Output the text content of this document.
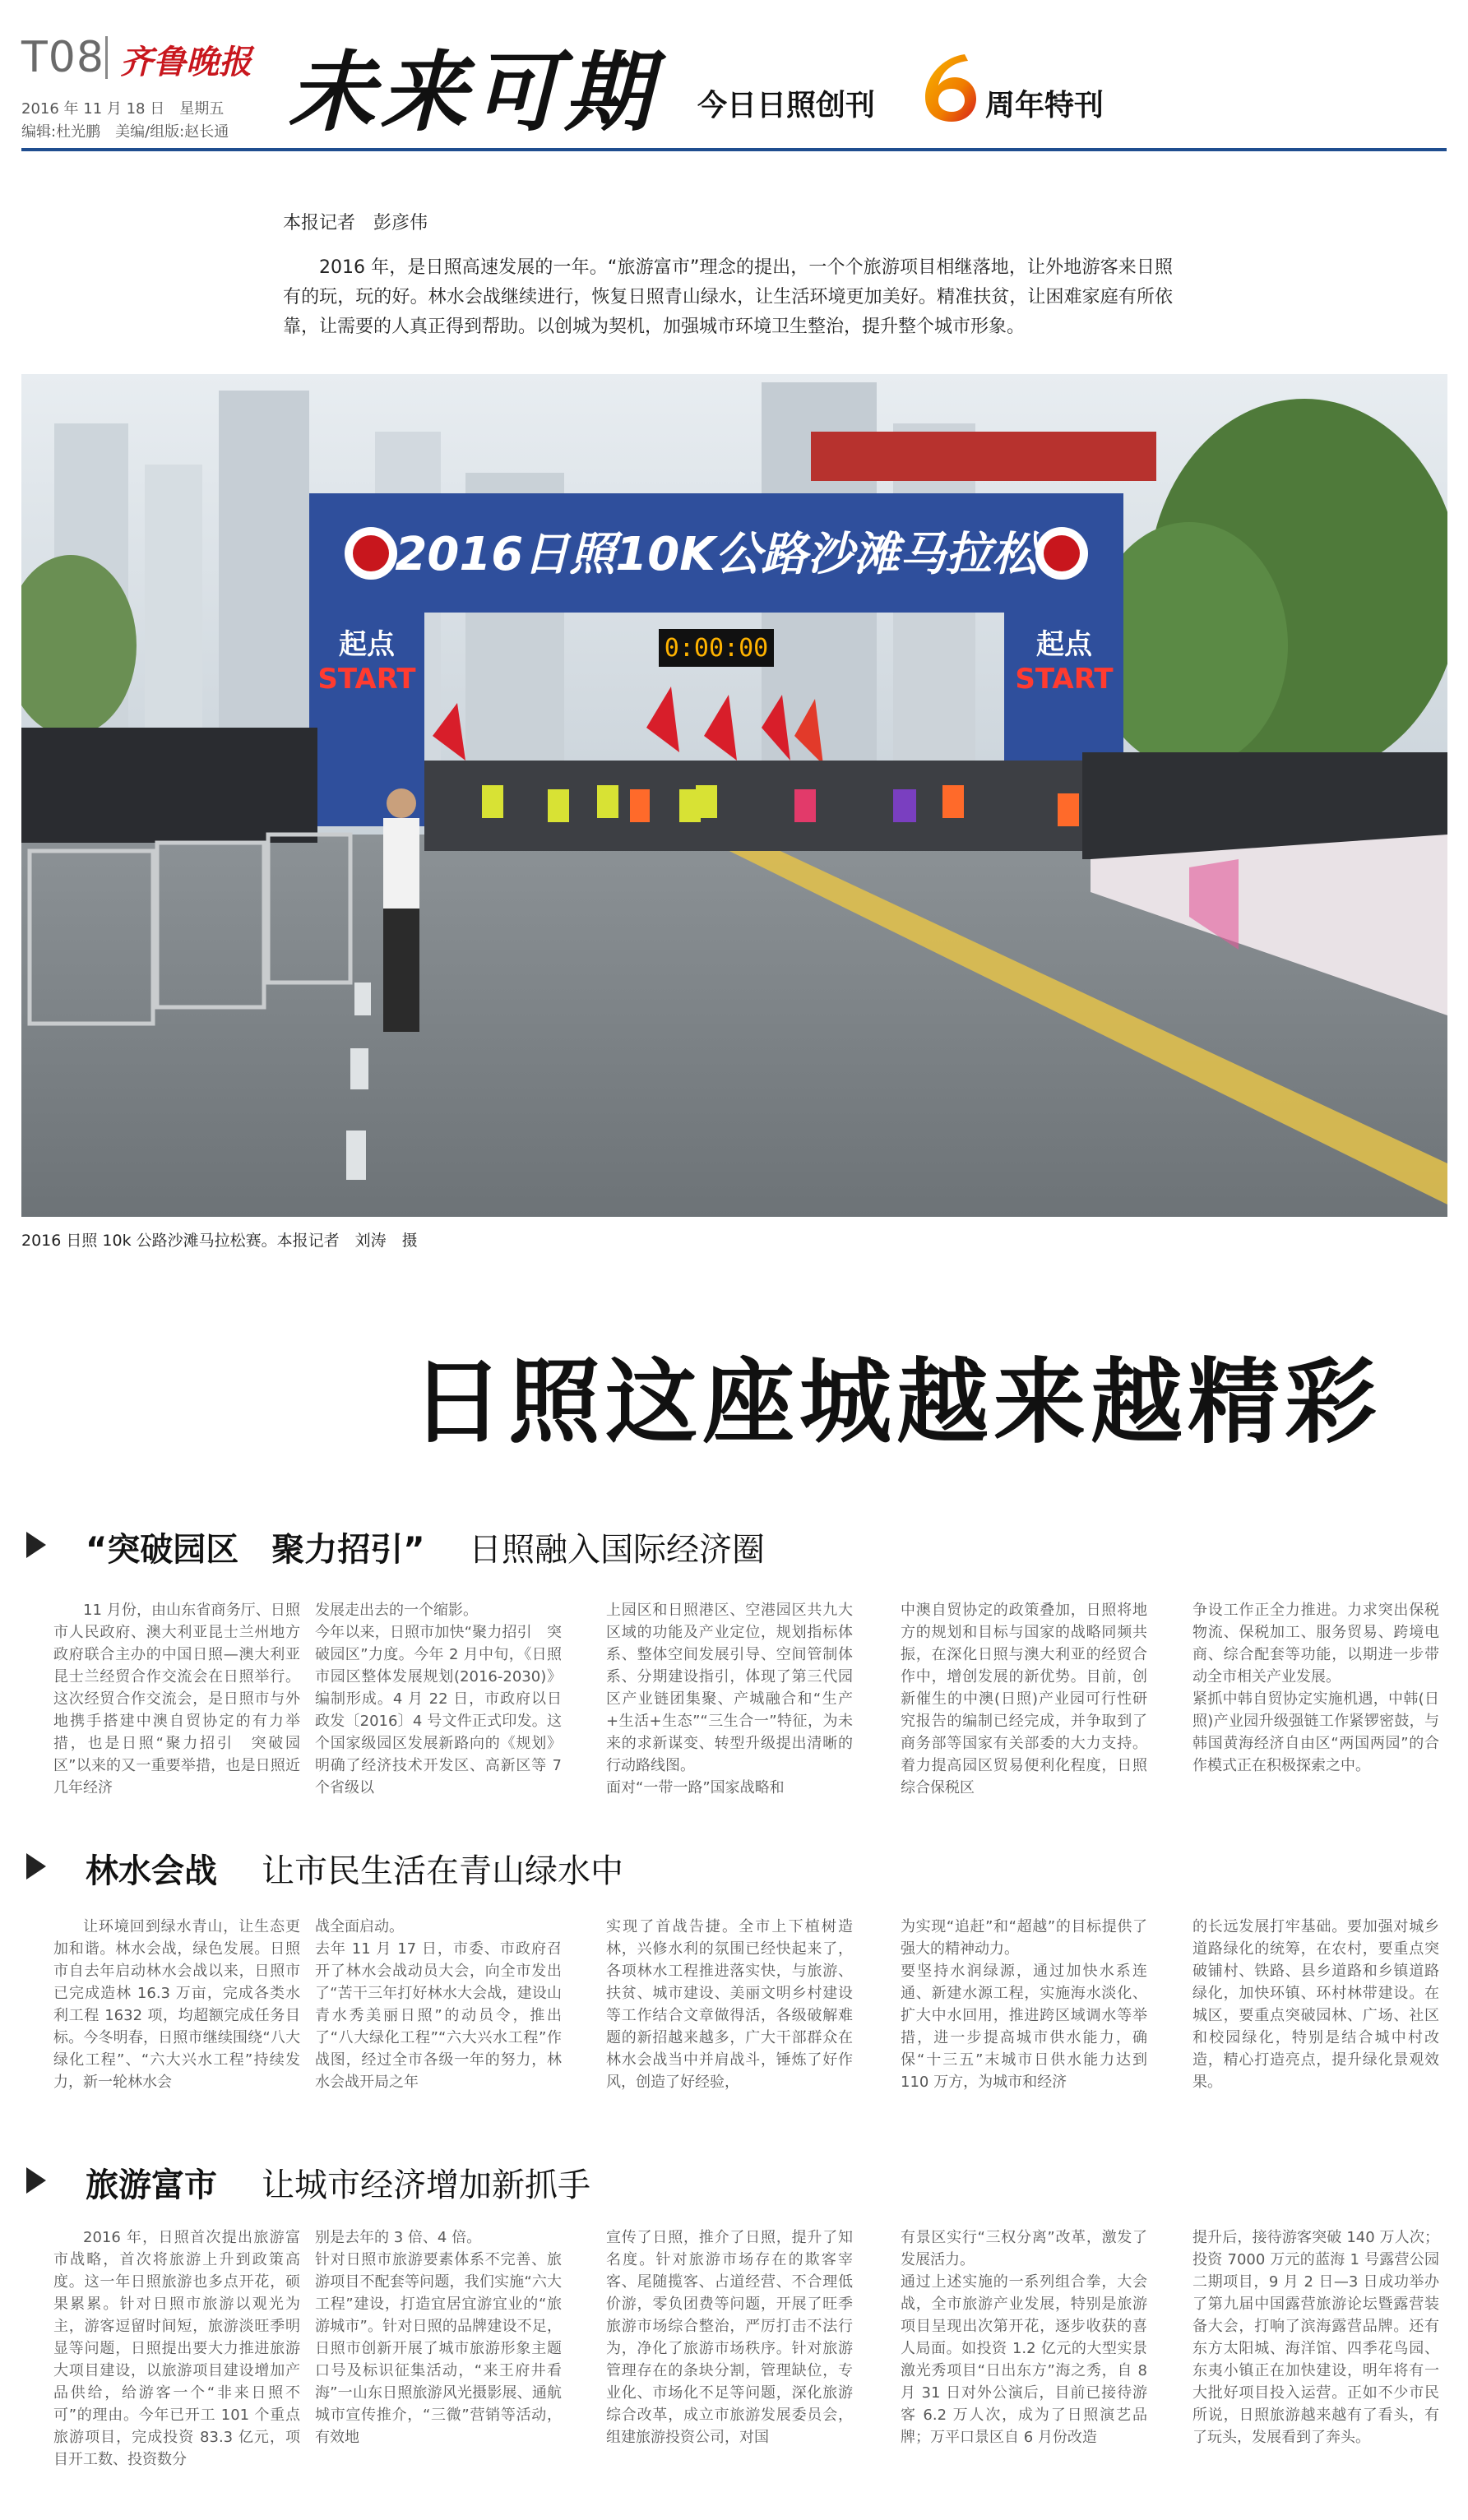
T08 齐鲁晚报
2016 年 11 月 18 日　星期五
编辑:杜光鹏　美编/组版:赵长通 未来可期 今日日照创刊	6 周年特刊
本报记者　彭彦伟
2016 年，是日照高速发展的一年。“旅游富市”理念的提出，一个个旅游项目相继落地，让外地游客来日照有的玩，玩的好。林水会战继续进行，恢复日照青山绿水，让生活环境更加美好。精准扶贫，让困难家庭有所依靠，让需要的人真正得到帮助。以创城为契机，加强城市环境卫生整治，提升整个城市形象。
2016日照10K公路沙滩马拉松
起点
START
起点
START
0:00:00
2016 日照 10k 公路沙滩马拉松赛。本报记者　刘涛　摄
日照这座城越来越精彩
“突破园区　聚力招引” 日照融入国际经济圈

11 月份，由山东省商务厅、日照市人民政府、澳大利亚昆士兰州地方政府联合主办的中国日照—澳大利亚昆士兰经贸合作交流会在日照举行。这次经贸合作交流会，是日照市与外地携手搭建中澳自贸协定的有力举措，也是日照“聚力招引　突破园区”以来的又一重要举措，也是日照近几年经济

发展走出去的一个缩影。
今年以来，日照市加快“聚力招引　突破园区”力度。今年 2 月中旬，《日照市园区整体发展规划(2016-2030)》编制形成。4 月 22 日，市政府以日政发〔2016〕4 号文件正式印发。这个国家级园区发展新路向的《规划》明确了经济技术开发区、高新区等 7 个省级以

上园区和日照港区、空港园区共九大区域的功能及产业定位，规划指标体系、整体空间发展引导、空间管制体系、分期建设指引，体现了第三代园区产业链团集聚、产城融合和“生产+生活+生态”“三生合一”特征，为未来的求新谋变、转型升级提出清晰的行动路线图。
面对“一带一路”国家战略和

中澳自贸协定的政策叠加，日照将地方的规划和目标与国家的战略同频共振，在深化日照与澳大利亚的经贸合作中，增创发展的新优势。目前，创新催生的中澳(日照)产业园可行性研究报告的编制已经完成，并争取到了商务部等国家有关部委的大力支持。着力提高园区贸易便利化程度，日照综合保税区

争设工作正全力推进。力求突出保税物流、保税加工、服务贸易、跨境电商、综合配套等功能，以期进一步带动全市相关产业发展。
紧抓中韩自贸协定实施机遇，中韩(日照)产业园升级强链工作紧锣密鼓，与韩国黄海经济自由区“两国两园”的合作模式正在积极探索之中。

林水会战 让市民生活在青山绿水中

让环境回到绿水青山，让生态更加和谐。林水会战，绿色发展。日照市自去年启动林水会战以来，日照市已完成造林 16.3 万亩，完成各类水利工程 1632 项，均超额完成任务目标。今冬明春，日照市继续围绕“八大绿化工程”、“六大兴水工程”持续发力，新一轮林水会

战全面启动。
去年 11 月 17 日，市委、市政府召开了林水会战动员大会，向全市发出了“苦干三年打好林水大会战，建设山青水秀美丽日照”的动员令，推出了“八大绿化工程”“六大兴水工程”作战图，经过全市各级一年的努力，林水会战开局之年

实现了首战告捷。全市上下植树造林，兴修水利的氛围已经快起来了，各项林水工程推进落实快，与旅游、扶贫、城市建设、美丽文明乡村建设等工作结合文章做得活，各级破解难题的新招越来越多，广大干部群众在林水会战当中并肩战斗，锤炼了好作风，创造了好经验，

为实现“追赶”和“超越”的目标提供了强大的精神动力。
要坚持水润绿源，通过加快水系连通、新建水源工程，实施海水淡化、扩大中水回用，推进跨区域调水等举措，进一步提高城市供水能力，确保“十三五”末城市日供水能力达到 110 万方，为城市和经济

的长远发展打牢基础。要加强对城乡道路绿化的统筹，在农村，要重点突破铺村、铁路、县乡道路和乡镇道路绿化，加快环镇、环村林带建设。在城区，要重点突破园林、广场、社区和校园绿化，特别是结合城中村改造，精心打造亮点，提升绿化景观效果。

旅游富市 让城市经济增加新抓手

2016 年，日照首次提出旅游富市战略，首次将旅游上升到政策高度。这一年日照旅游也多点开花，硕果累累。针对日照市旅游以观光为主，游客逗留时间短，旅游淡旺季明显等问题，日照提出要大力推进旅游大项目建设，以旅游项目建设增加产品供给，给游客一个“非来日照不可”的理由。今年已开工 101 个重点旅游项目，完成投资 83.3 亿元，项目开工数、投资数分

别是去年的 3 倍、4 倍。
针对日照市旅游要素体系不完善、旅游项目不配套等问题，我们实施“六大工程”建设，打造宜居宜游宜业的“旅游城市”。针对日照的品牌建设不足，日照市创新开展了城市旅游形象主题口号及标识征集活动，“来王府井看海”一山东日照旅游风光摄影展、通航城市宣传推介，“三微”营销等活动，有效地

宣传了日照，推介了日照，提升了知名度。针对旅游市场存在的欺客宰客、尾随揽客、占道经营、不合理低价游，零负团费等问题，开展了旺季旅游市场综合整治，严厉打击不法行为，净化了旅游市场秩序。针对旅游管理存在的条块分割，管理缺位，专业化、市场化不足等问题，深化旅游综合改革，成立市旅游发展委员会，组建旅游投资公司，对国

有景区实行“三权分离”改革，激发了发展活力。
通过上述实施的一系列组合拳，大会战，全市旅游产业发展，特别是旅游项目呈现出次第开花，逐步收获的喜人局面。如投资 1.2 亿元的大型实景激光秀项目“日出东方”海之秀，自 8 月 31 日对外公演后，目前已接待游客 6.2 万人次，成为了日照演艺品牌；万平口景区自 6 月份改造

提升后，接待游客突破 140 万人次；投资 7000 万元的蓝海 1 号露营公园二期项目，9 月 2 日—3 日成功举办了第九届中国露营旅游论坛暨露营装备大会，打响了滨海露营品牌。还有东方太阳城、海洋馆、四季花鸟园、东夷小镇正在加快建设，明年将有一大批好项目投入运营。正如不少市民所说，日照旅游越来越有了看头，有了玩头，发展看到了奔头。
